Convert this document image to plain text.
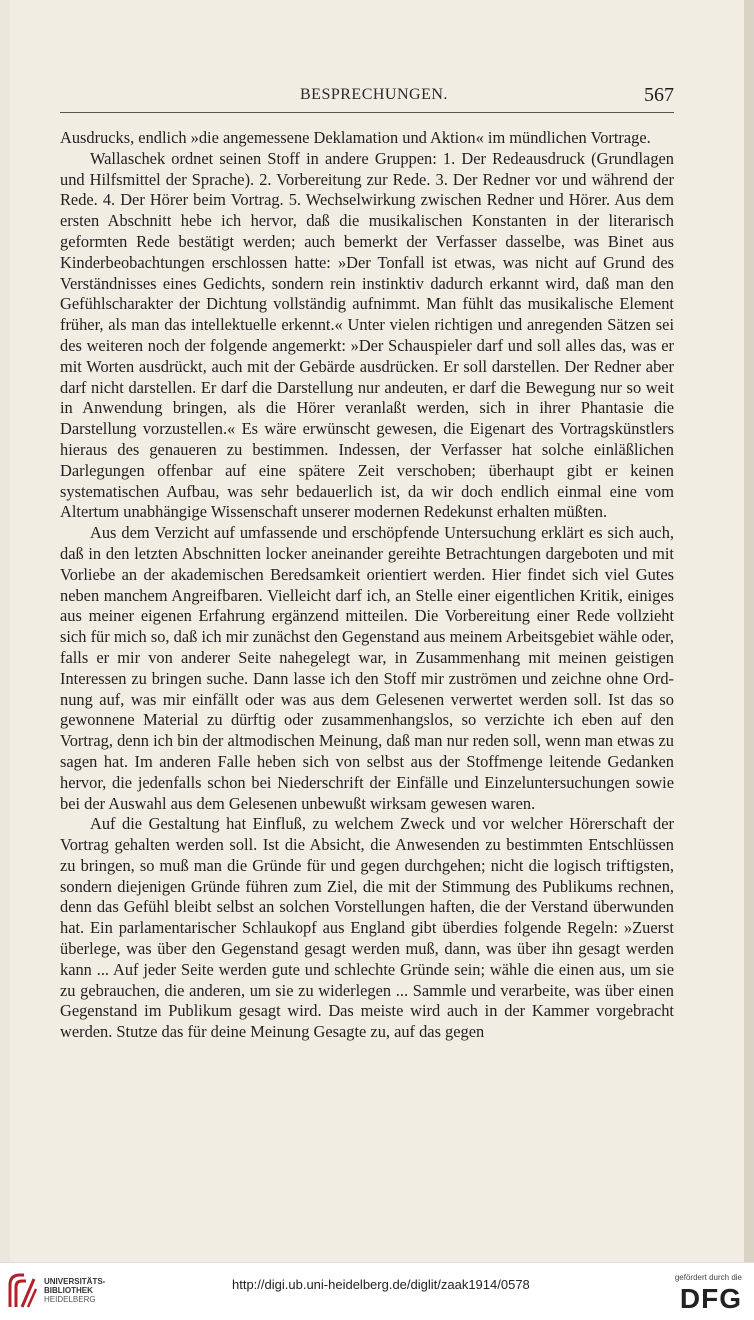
BESPRECHUNGEN.	567

Ausdrucks, endlich »die angemessene Deklamation und Aktion« im mündlichen Vortrage.

Wallaschek ordnet seinen Stoff in andere Gruppen: 1. Der Redeausdruck (Grundlagen und Hilfsmittel der Sprache). 2. Vorbereitung zur Rede. 3. Der Redner vor und während der Rede. 4. Der Hörer beim Vortrag. 5. Wechselwirkung zwischen Redner und Hörer. Aus dem ersten Abschnitt hebe ich hervor, daß die musikalischen Konstanten in der literarisch geformten Rede bestätigt werden; auch bemerkt der Verfasser dasselbe, was Binet aus Kinderbeobachtungen erschlossen hatte: »Der Tonfall ist etwas, was nicht auf Grund des Verständnisses eines Gedichts, sondern rein instinktiv dadurch erkannt wird, daß man den Gefühlscharakter der Dichtung vollständig aufnimmt. Man fühlt das musikalische Element früher, als man das intellektuelle erkennt.« Unter vielen richtigen und anregenden Sätzen sei des weiteren noch der folgende angemerkt: »Der Schauspieler darf und soll alles das, was er mit Worten ausdrückt, auch mit der Gebärde ausdrücken. Er soll darstellen. Der Redner aber darf nicht darstellen. Er darf die Darstellung nur andeuten, er darf die Bewegung nur so weit in Anwendung bringen, als die Hörer veranlaßt werden, sich in ihrer Phantasie die Darstellung vorzustellen.« Es wäre erwünscht gewesen, die Eigenart des Vortragskünstlers hieraus des genaueren zu bestimmen. Indessen, der Verfasser hat solche einläßlichen Darlegungen offenbar auf eine spätere Zeit verschoben; überhaupt gibt er keinen systematischen Aufbau, was sehr bedauerlich ist, da wir doch endlich einmal eine vom Altertum unabhängige Wissenschaft unserer modernen Redekunst erhalten müßten.

Aus dem Verzicht auf umfassende und erschöpfende Untersuchung erklärt es sich auch, daß in den letzten Abschnitten locker aneinander gereihte Betrachtungen dargeboten und mit Vorliebe an der akademischen Beredsamkeit orientiert werden. Hier findet sich viel Gutes neben manchem Angreifbaren. Vielleicht darf ich, an Stelle einer eigentlichen Kritik, einiges aus meiner eigenen Erfahrung ergänzend mitteilen. Die Vorbereitung einer Rede vollzieht sich für mich so, daß ich mir zunächst den Gegenstand aus meinem Arbeitsgebiet wähle oder, falls er mir von anderer Seite nahegelegt war, in Zusammenhang mit meinen geistigen Interessen zu bringen suche. Dann lasse ich den Stoff mir zuströmen und zeichne ohne Ordnung auf, was mir einfällt oder was aus dem Gelesenen verwertet werden soll. Ist das so gewonnene Material zu dürftig oder zusammenhangslos, so verzichte ich eben auf den Vortrag, denn ich bin der altmodischen Meinung, daß man nur reden soll, wenn man etwas zu sagen hat. Im anderen Falle heben sich von selbst aus der Stoffmenge leitende Gedanken hervor, die jedenfalls schon bei Niederschrift der Einfälle und Einzeluntersuchungen sowie bei der Auswahl aus dem Gelesenen unbewußt wirksam gewesen waren.

Auf die Gestaltung hat Einfluß, zu welchem Zweck und vor welcher Hörerschaft der Vortrag gehalten werden soll. Ist die Absicht, die Anwesenden zu bestimmten Entschlüssen zu bringen, so muß man die Gründe für und gegen durchgehen; nicht die logisch triftigsten, sondern diejenigen Gründe führen zum Ziel, die mit der Stimmung des Publikums rechnen, denn das Gefühl bleibt selbst an solchen Vorstellungen haften, die der Verstand überwunden hat. Ein parlamentarischer Schlaukopf aus England gibt überdies folgende Regeln: »Zuerst überlege, was über den Gegenstand gesagt werden muß, dann, was über ihn gesagt werden kann ... Auf jeder Seite werden gute und schlechte Gründe sein; wähle die einen aus, um sie zu gebrauchen, die anderen, um sie zu widerlegen ... Sammle und verarbeite, was über einen Gegenstand im Publikum gesagt wird. Das meiste wird auch in der Kammer vorgebracht werden. Stutze das für deine Meinung Gesagte zu, auf das gegen

UNIVERSITÄTS-
BIBLIOTHEK
HEIDELBERG
http://digi.ub.uni-heidelberg.de/diglit/zaak1914/0578	gefördert durch die
DFG
